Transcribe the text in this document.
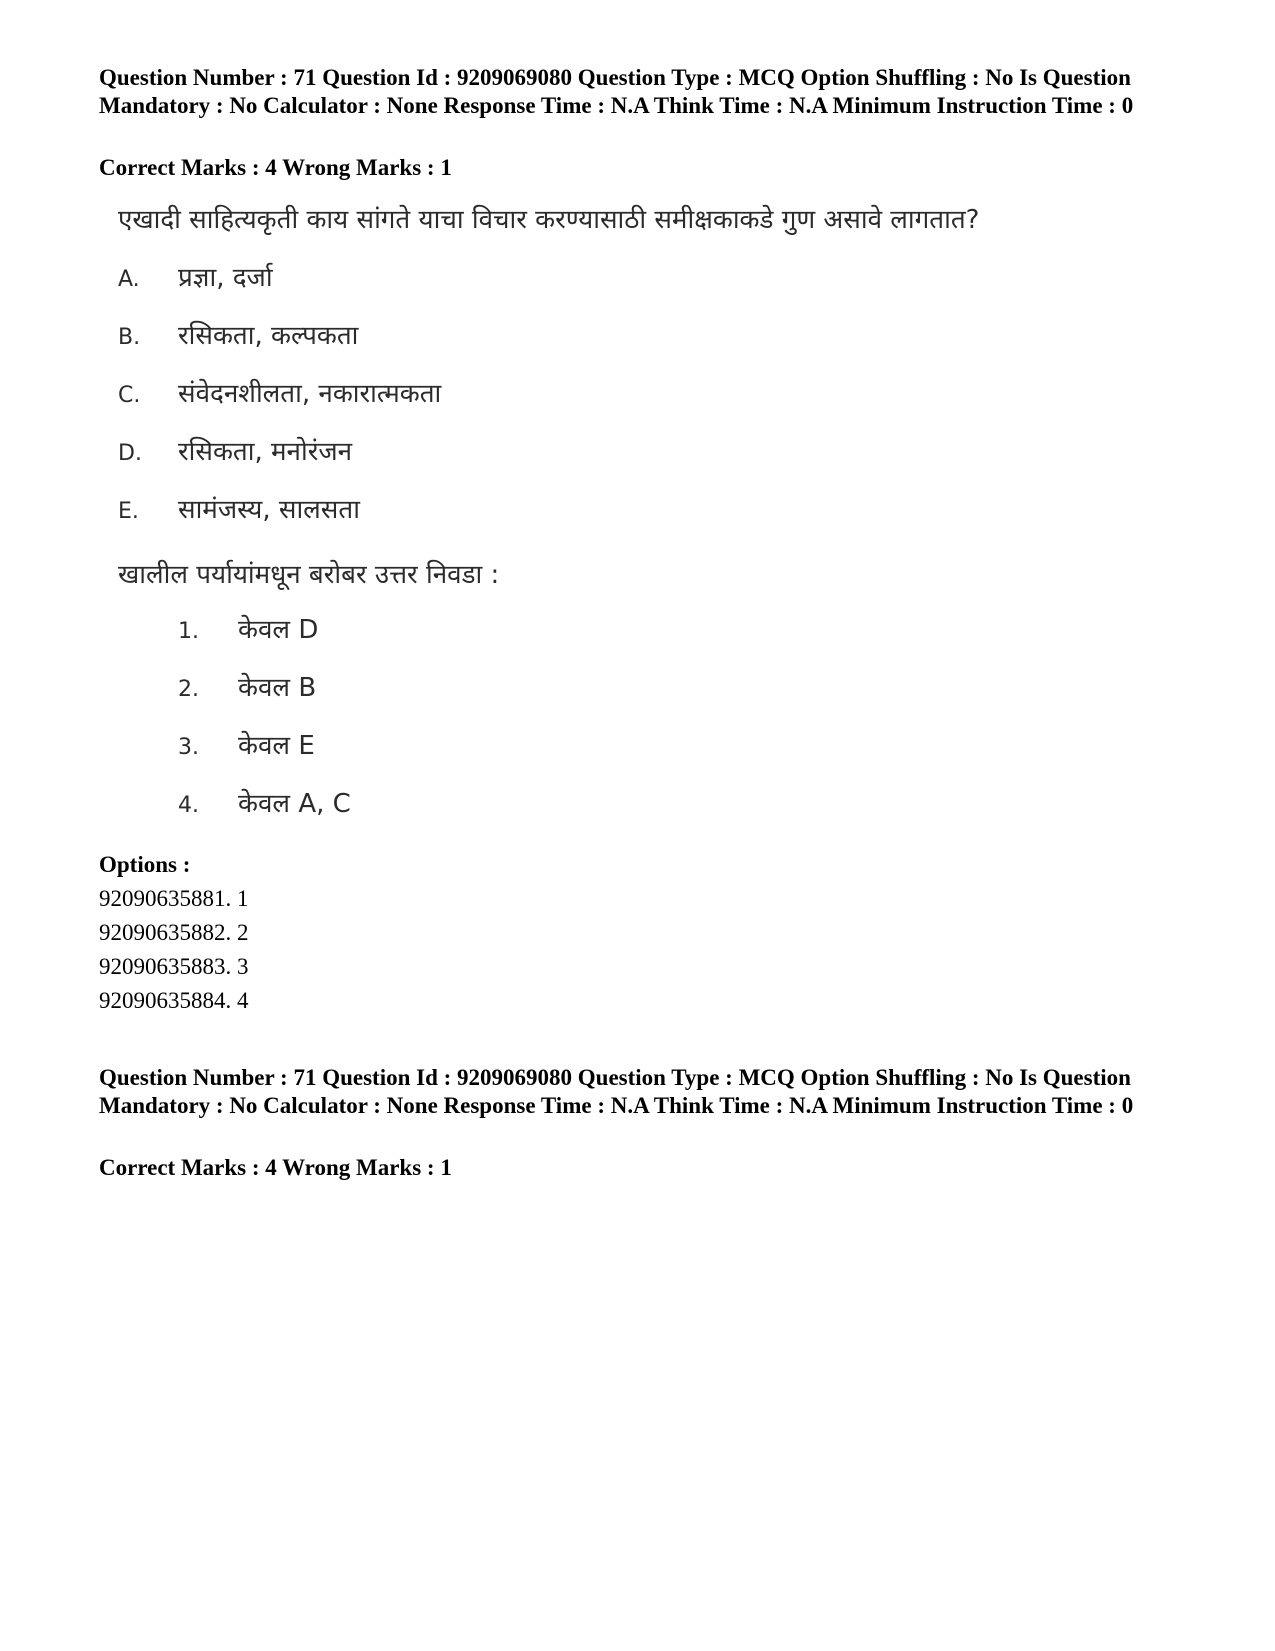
Question Number : 71 Question Id : 9209069080 Question Type : MCQ Option Shuffling : No Is Question Mandatory : No Calculator : None Response Time : N.A Think Time : N.A Minimum Instruction Time : 0

Correct Marks : 4 Wrong Marks : 1

एखादी साहित्यकृती काय सांगते याचा विचार करण्यासाठी समीक्षकाकडे गुण असावे लागतात?
A. प्रज्ञा, दर्जा
B. रसिकता, कल्पकता
C. संवेदनशीलता, नकारात्मकता
D. रसिकता, मनोरंजन
E. सामंजस्य, सालसता
खालील पर्यायांमधून बरोबर उत्तर निवडा :
1. केवल D
2. केवल B
3. केवल E
4. केवल A, C

Options :

92090635881. 1
92090635882. 2
92090635883. 3
92090635884. 4

Question Number : 71 Question Id : 9209069080 Question Type : MCQ Option Shuffling : No Is Question Mandatory : No Calculator : None Response Time : N.A Think Time : N.A Minimum Instruction Time : 0

Correct Marks : 4 Wrong Marks : 1
